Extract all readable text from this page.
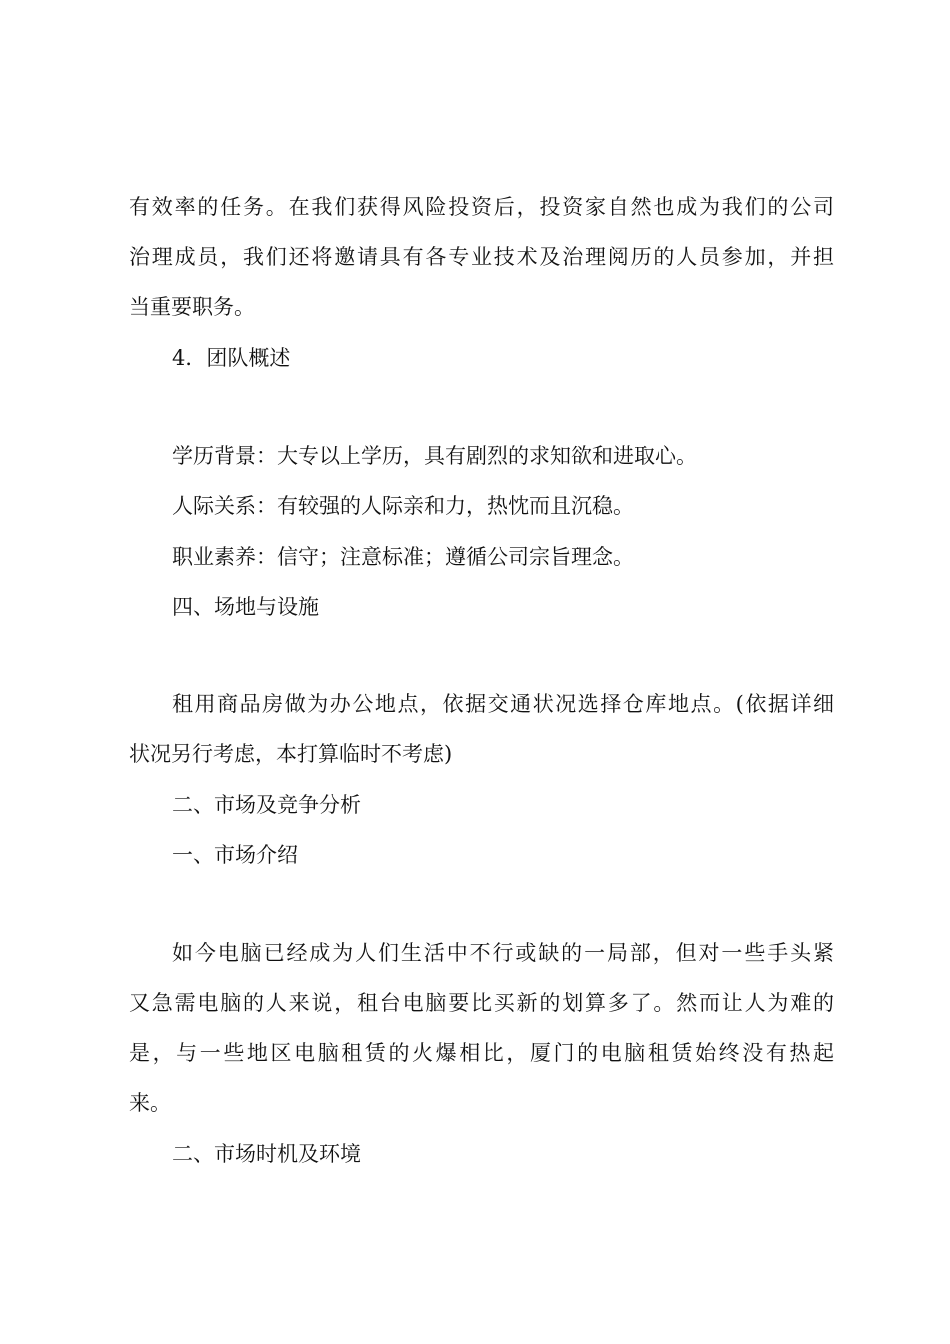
有效率的任务。在我们获得风险投资后，投资家自然也成为我们的公司
治理成员，我们还将邀请具有各专业技术及治理阅历的人员参加，并担
当重要职务。
4．团队概述
学历背景：大专以上学历，具有剧烈的求知欲和进取心。
人际关系：有较强的人际亲和力，热忱而且沉稳。
职业素养：信守；注意标准；遵循公司宗旨理念。
四、场地与设施
租用商品房做为办公地点，依据交通状况选择仓库地点。(依据详细
状况另行考虑，本打算临时不考虑)
二、市场及竞争分析
一、市场介绍
如今电脑已经成为人们生活中不行或缺的一局部，但对一些手头紧
又急需电脑的人来说，租台电脑要比买新的划算多了。然而让人为难的
是，与一些地区电脑租赁的火爆相比，厦门的电脑租赁始终没有热起
来。
二、市场时机及环境
